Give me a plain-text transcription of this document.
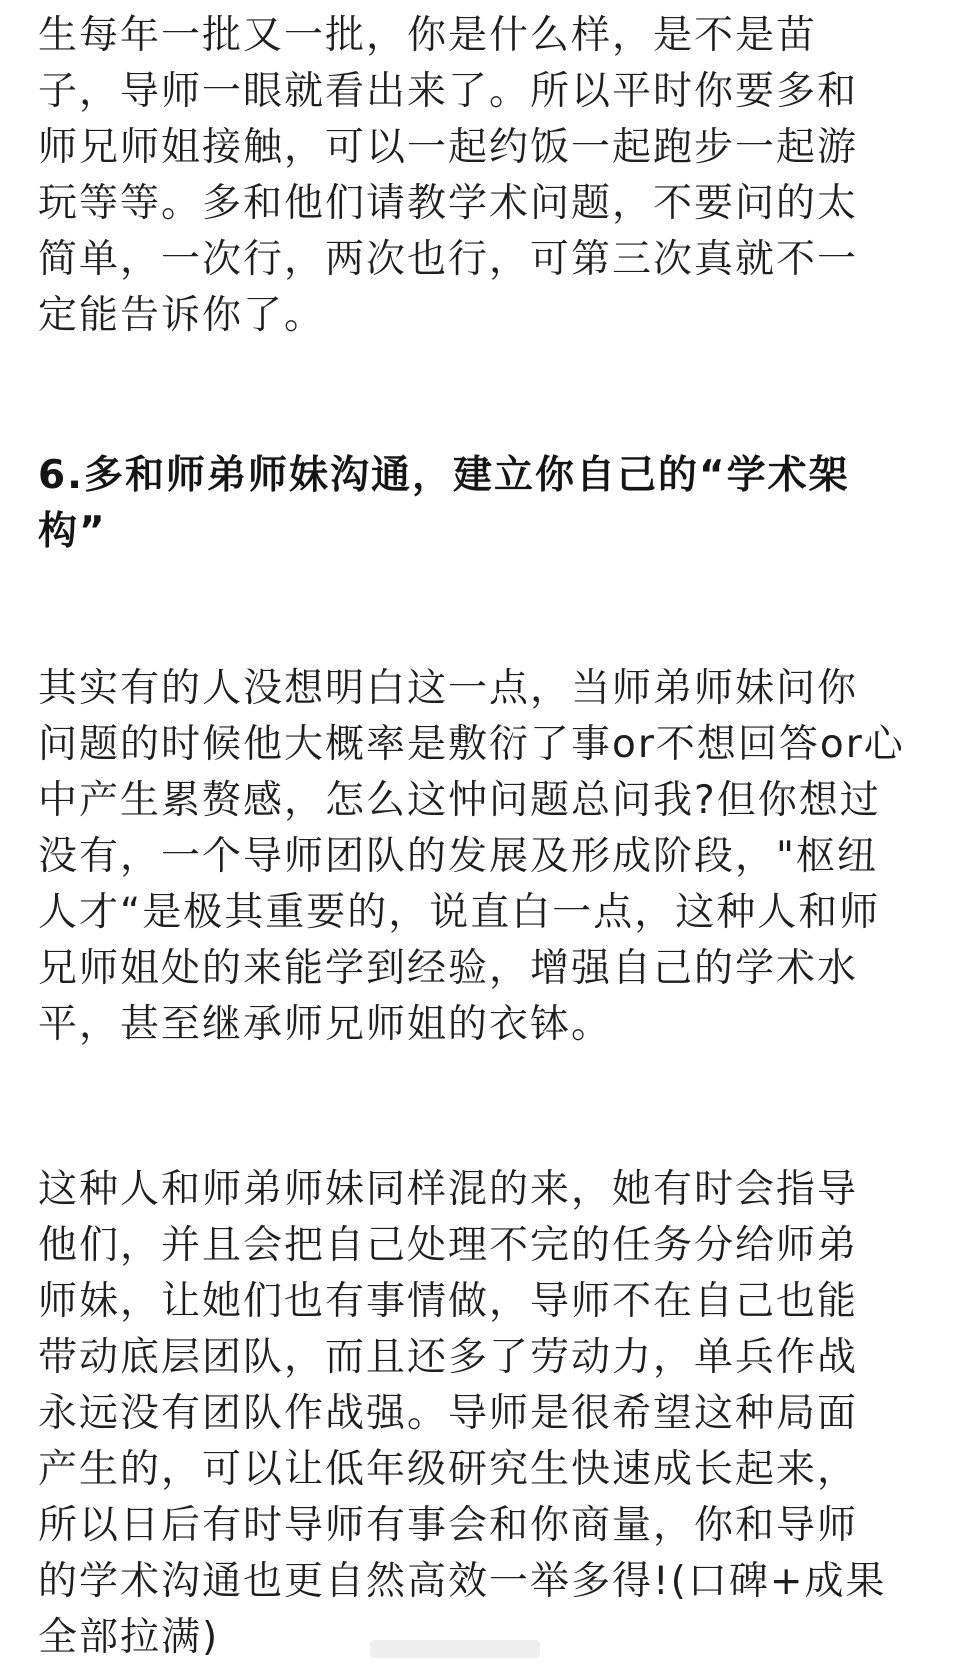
生每年一批又一批，你是什么样，是不是苗
子，导师一眼就看出来了。所以平时你要多和
师兄师姐接触，可以一起约饭一起跑步一起游
玩等等。多和他们请教学术问题，不要问的太
简单，一次行，两次也行，可第三次真就不一
定能告诉你了。
6.多和师弟师妹沟通，建立你自己的“学术架
构”
其实有的人没想明白这一点，当师弟师妹问你
问题的时候他大概率是敷衍了事or不想回答or心
中产生累赘感，怎么这忡问题总问我?但你想过
没有，一个导师团队的发展及形成阶段，"枢纽
人才“是极其重要的，说直白一点，这种人和师
兄师姐处的来能学到经验，增强自己的学术水
平，甚至继承师兄师姐的衣钵。
这种人和师弟师妹同样混的来，她有时会指导
他们，并且会把自己处理不完的任务分给师弟
师妹，让她们也有事情做，导师不在自己也能
带动底层团队，而且还多了劳动力，单兵作战
永远没有团队作战强。导师是很希望这种局面
产生的，可以让低年级研究生快速成长起来，
所以日后有时导师有事会和你商量，你和导师
的学术沟通也更自然高效一举多得!(口碑+成果
全部拉满)
